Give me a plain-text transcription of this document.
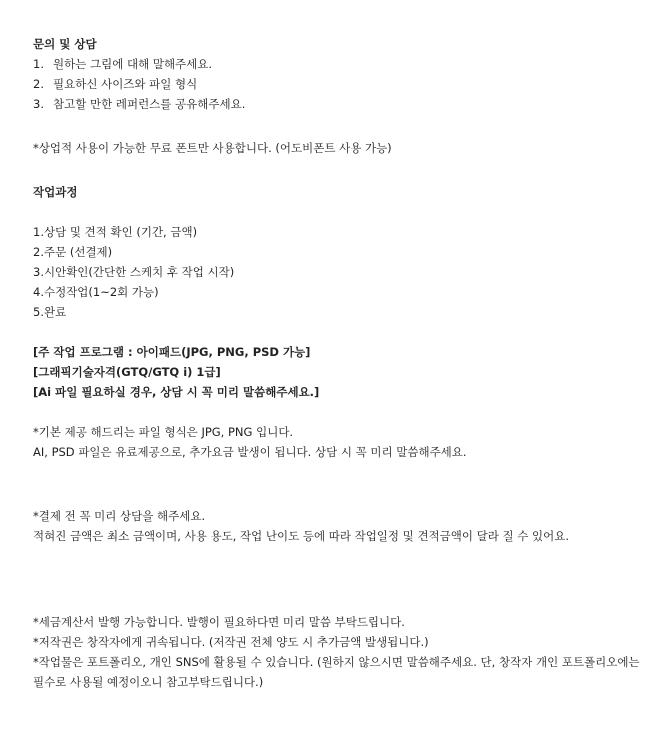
문의 및 상담
1. 원하는 그림에 대해 말해주세요.
2. 필요하신 사이즈와 파일 형식
3. 참고할 만한 레퍼런스를 공유해주세요.
*상업적 사용이 가능한 무료 폰트만 사용합니다. (어도비폰트 사용 가능)
작업과정
1.상담 및 견적 확인 (기간, 금액)
2.주문 (선결제)
3.시안확인(간단한 스케치 후 작업 시작)
4.수정작업(1~2회 가능)
5.완료
[주 작업 프로그램 : 아이패드(JPG, PNG, PSD 가능]
[그래픽기술자격(GTQ/GTQ i) 1급]
[Ai 파일 필요하실 경우, 상담 시 꼭 미리 말씀해주세요.]
*기본 제공 해드리는 파일 형식은 JPG, PNG 입니다.
AI, PSD 파일은 유료제공으로, 추가요금 발생이 됩니다. 상담 시 꼭 미리 말씀해주세요.
*결제 전 꼭 미리 상담을 해주세요.
적혀진 금액은 최소 금액이며, 사용 용도, 작업 난이도 등에 따라 작업일정 및 견적금액이 달라 질 수 있어요.
*세금계산서 발행 가능합니다. 발행이 필요하다면 미리 말씀 부탁드립니다.
*저작권은 창작자에게 귀속됩니다. (저작권 전체 양도 시 추가금액 발생됩니다.)
*작업물은 포트폴리오, 개인 SNS에 활용될 수 있습니다. (원하지 않으시면 말씀해주세요. 단, 창작자 개인 포트폴리오에는
필수로 사용될 예정이오니 참고부탁드립니다.)
